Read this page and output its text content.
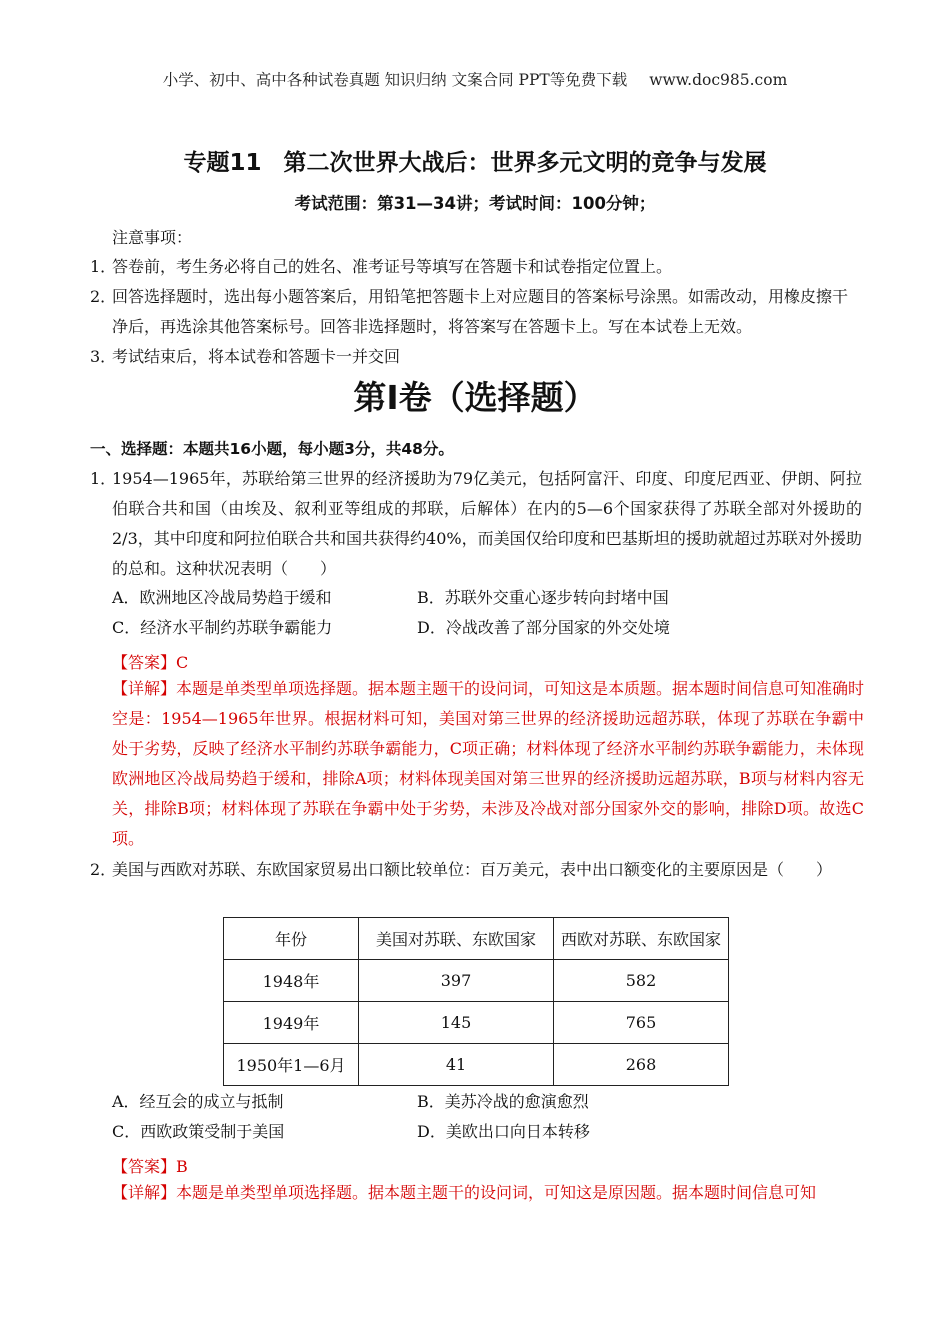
小学、初中、高中各种试卷真题 知识归纳 文案合同 PPT等免费下载 www.doc985.com
专题11 第二次世界大战后：世界多元文明的竞争与发展
考试范围：第31—34讲；考试时间：100分钟；
注意事项：
1．
答卷前，考生务必将自己的姓名、准考证号等填写在答题卡和试卷指定位置上。
2．
回答选择题时，选出每小题答案后，用铅笔把答题卡上对应题目的答案标号涂黑。如需改动，用橡皮擦干净后，再选涂其他答案标号。回答非选择题时，将答案写在答题卡上。写在本试卷上无效。
3．
考试结束后，将本试卷和答题卡一并交回
第I卷（选择题）
一、选择题：本题共16小题，每小题3分，共48分。
1．
1954—1965年，苏联给第三世界的经济援助为79亿美元，包括阿富汗、印度、印度尼西亚、伊朗、阿拉伯联合共和国（由埃及、叙利亚等组成的邦联，后解体）在内的5—6个国家获得了苏联全部对外援助的2/3，其中印度和阿拉伯联合共和国共获得约40%，而美国仅给印度和巴基斯坦的援助就超过苏联对外援助的总和。这种状况表明（　　）
A．欧洲地区冷战局势趋于缓和	B．苏联外交重心逐步转向封堵中国
C．经济水平制约苏联争霸能力	D．冷战改善了部分国家的外交处境
【答案】C
【详解】本题是单类型单项选择题。据本题主题干的设问词，可知这是本质题。据本题时间信息可知准确时空是：1954—1965年世界。根据材料可知，美国对第三世界的经济援助远超苏联，体现了苏联在争霸中处于劣势，反映了经济水平制约苏联争霸能力，C项正确；材料体现了经济水平制约苏联争霸能力，未体现欧洲地区冷战局势趋于缓和，排除A项；材料体现美国对第三世界的经济援助远超苏联，B项与材料内容无关，排除B项；材料体现了苏联在争霸中处于劣势，未涉及冷战对部分国家外交的影响，排除D项。故选C项。
2．
美国与西欧对苏联、东欧国家贸易出口额比较单位：百万美元，表中出口额变化的主要原因是（　　）
年份	美国对苏联、东欧国家	西欧对苏联、东欧国家
1948年	397	582
1949年	145	765
1950年1—6月	41	268
A．经互会的成立与抵制	B．美苏冷战的愈演愈烈
C．西欧政策受制于美国	D．美欧出口向日本转移
【答案】B
【详解】本题是单类型单项选择题。据本题主题干的设问词，可知这是原因题。据本题时间信息可知
